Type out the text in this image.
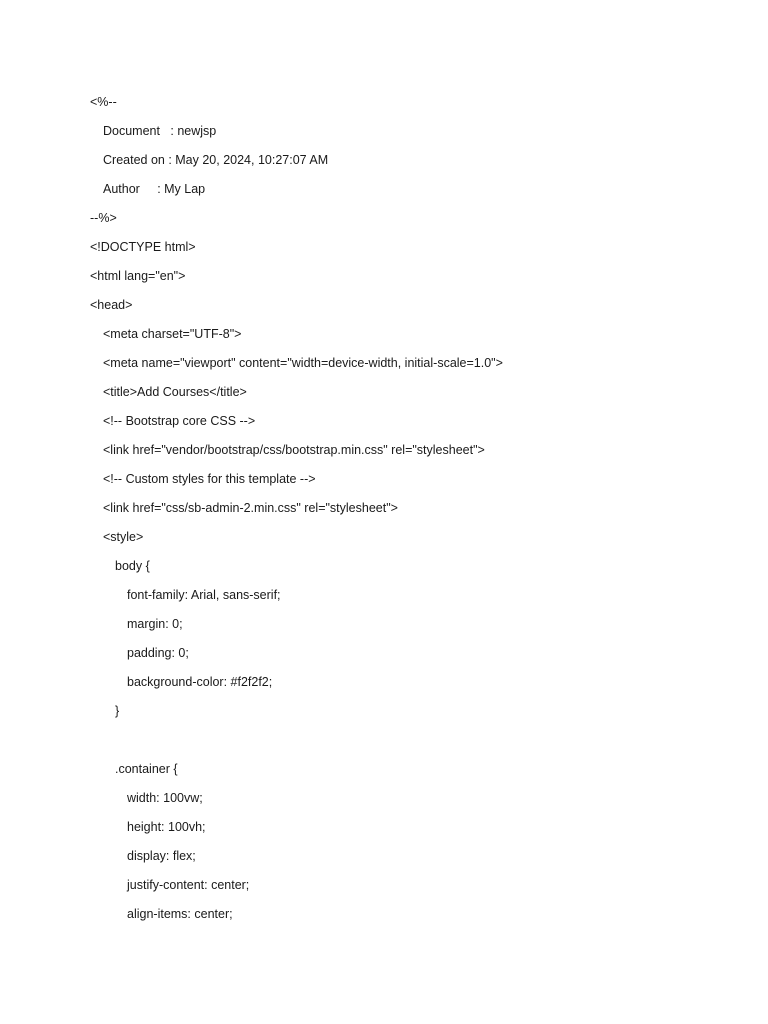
<%--
Document   : newjsp
Created on : May 20, 2024, 10:27:07 AM
Author     : My Lap
--%>
<!DOCTYPE html>
<html lang="en">
<head>
<meta charset="UTF-8">
<meta name="viewport" content="width=device-width, initial-scale=1.0">
<title>Add Courses</title>
<!-- Bootstrap core CSS -->
<link href="vendor/bootstrap/css/bootstrap.min.css" rel="stylesheet">
<!-- Custom styles for this template -->
<link href="css/sb-admin-2.min.css" rel="stylesheet">
<style>
body {
font-family: Arial, sans-serif;
margin: 0;
padding: 0;
background-color: #f2f2f2;
}
.container {
width: 100vw;
height: 100vh;
display: flex;
justify-content: center;
align-items: center;
